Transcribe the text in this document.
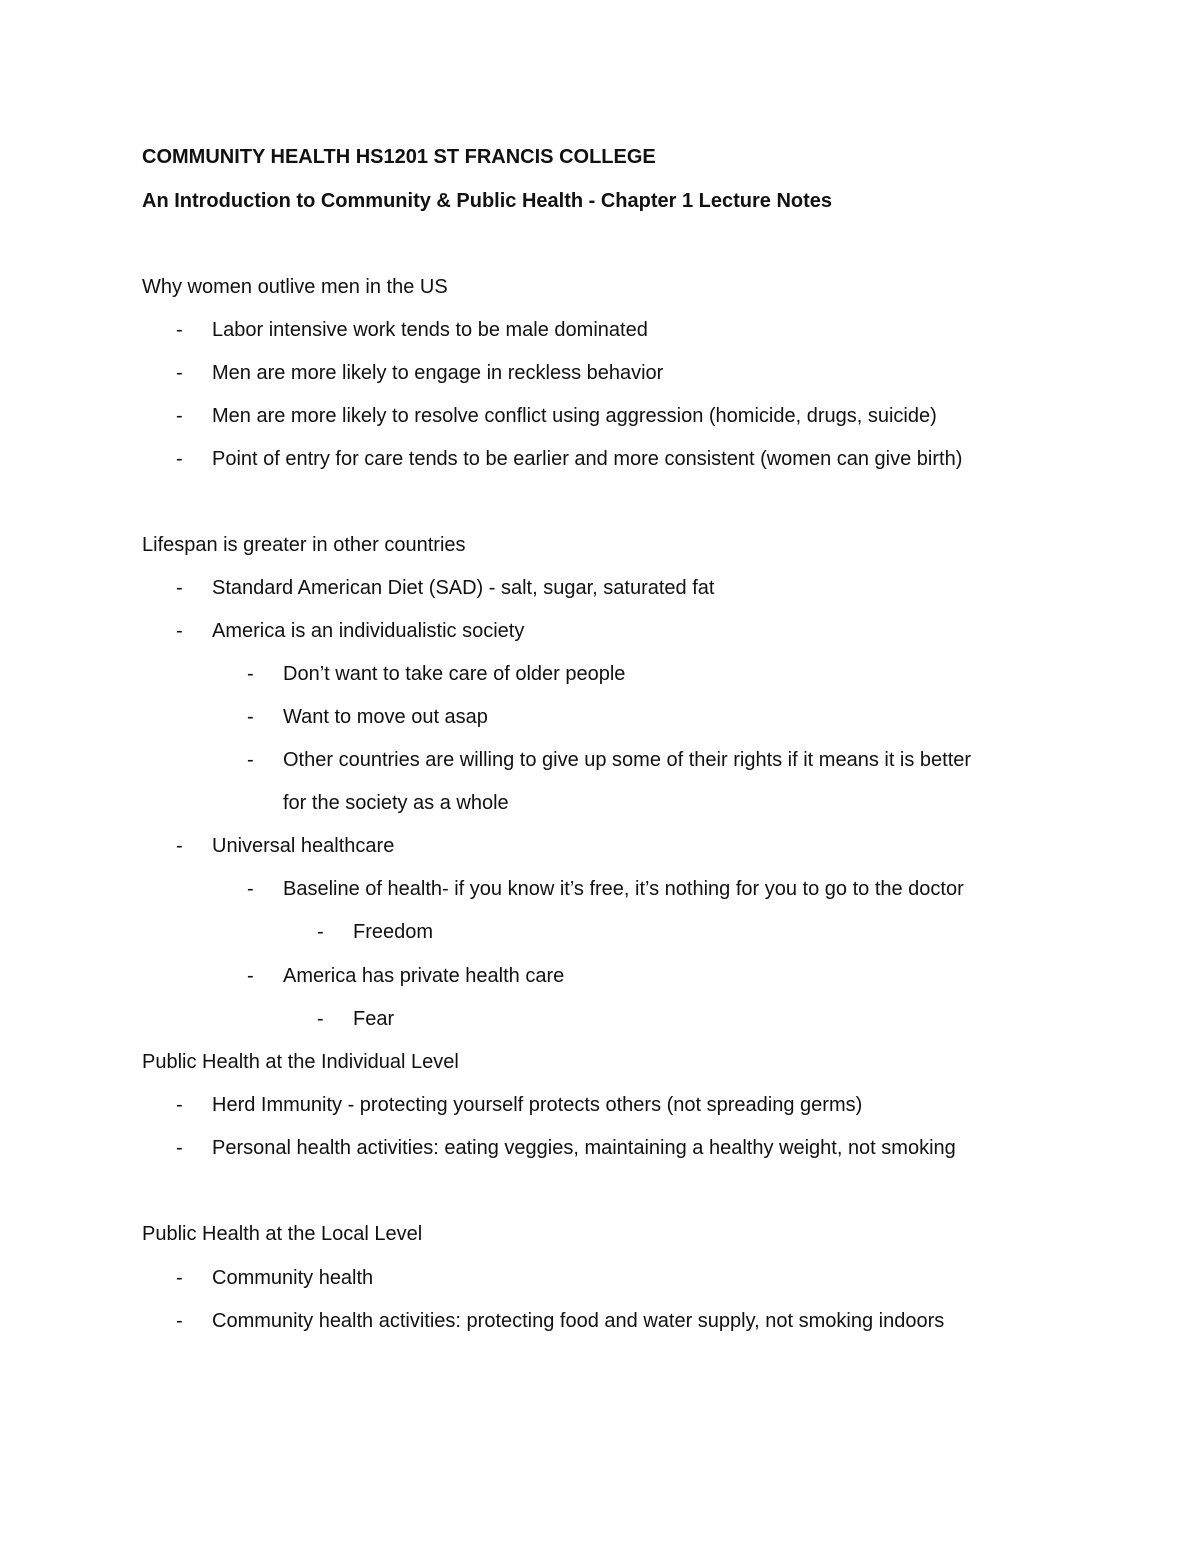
COMMUNITY HEALTH HS1201 ST FRANCIS COLLEGE
An Introduction to Community & Public Health - Chapter 1 Lecture Notes
Why women outlive men in the US
- Labor intensive work tends to be male dominated
- Men are more likely to engage in reckless behavior
- Men are more likely to resolve conflict using aggression (homicide, drugs, suicide)
- Point of entry for care tends to be earlier and more consistent (women can give birth)
Lifespan is greater in other countries
- Standard American Diet (SAD) - salt, sugar, saturated fat
- America is an individualistic society
- Don’t want to take care of older people
- Want to move out asap
- Other countries are willing to give up some of their rights if it means it is better
for the society as a whole
- Universal healthcare
- Baseline of health- if you know it’s free, it’s nothing for you to go to the doctor
- Freedom
- America has private health care
- Fear
Public Health at the Individual Level
- Herd Immunity - protecting yourself protects others (not spreading germs)
- Personal health activities: eating veggies, maintaining a healthy weight, not smoking
Public Health at the Local Level
- Community health
- Community health activities: protecting food and water supply, not smoking indoors
